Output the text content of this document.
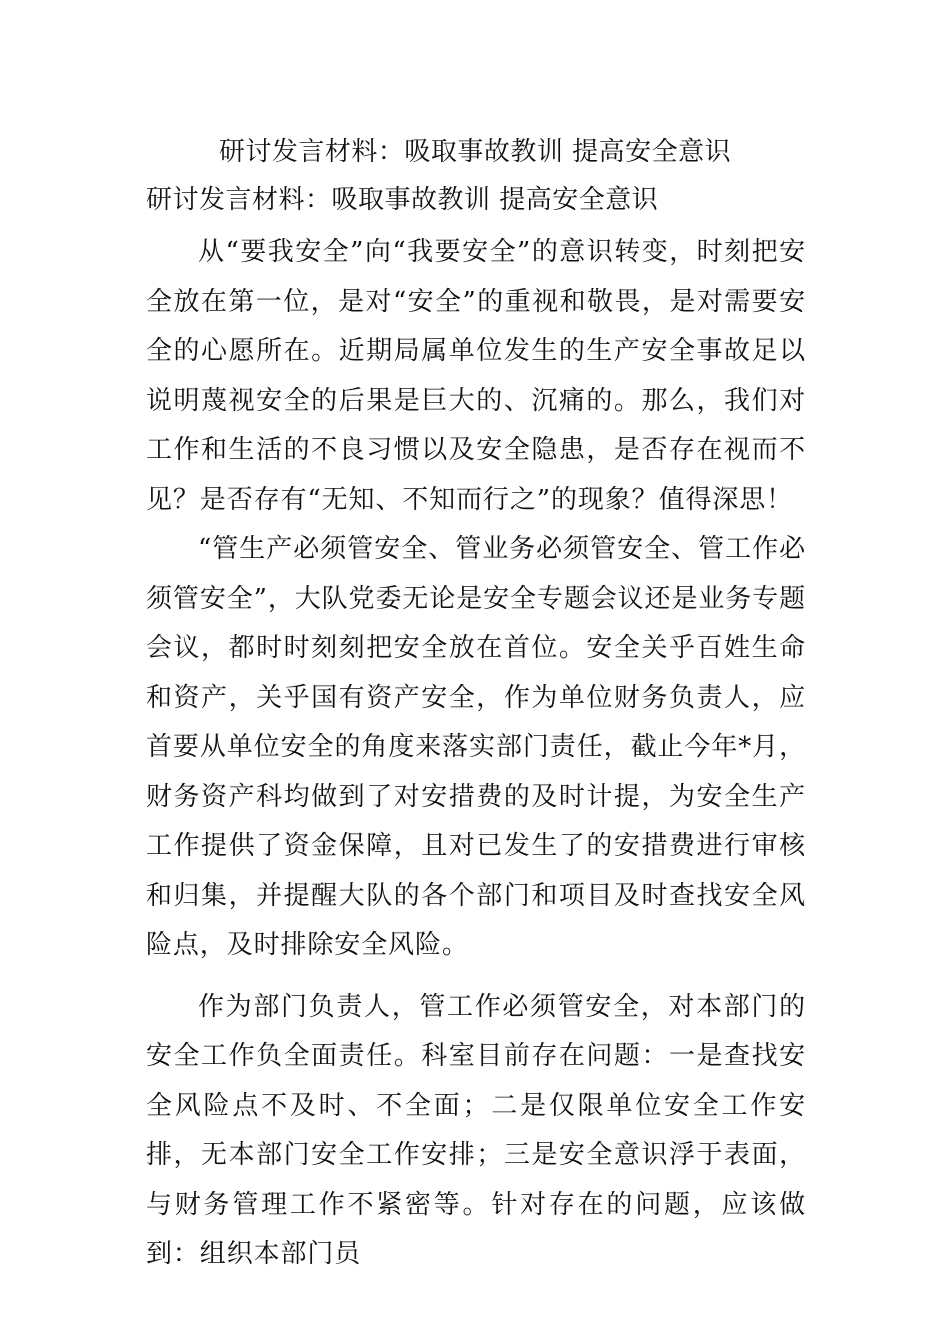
研讨发言材料：吸取事故教训 提高安全意识
研讨发言材料：吸取事故教训 提高安全意识

从“要我安全”向“我要安全”的意识转变，时刻把安全放在第一位，是对“安全”的重视和敬畏，是对需要安全的心愿所在。近期局属单位发生的生产安全事故足以说明蔑视安全的后果是巨大的、沉痛的。那么，我们对工作和生活的不良习惯以及安全隐患，是否存在视而不见？是否存有“无知、不知而行之”的现象？值得深思！

“管生产必须管安全、管业务必须管安全、管工作必须管安全”，大队党委无论是安全专题会议还是业务专题会议，都时时刻刻把安全放在首位。安全关乎百姓生命和资产，关乎国有资产安全，作为单位财务负责人，应首要从单位安全的角度来落实部门责任，截止今年*月，财务资产科均做到了对安措费的及时计提，为安全生产工作提供了资金保障，且对已发生了的安措费进行审核和归集，并提醒大队的各个部门和项目及时查找安全风险点，及时排除安全风险。

作为部门负责人，管工作必须管安全，对本部门的安全工作负全面责任。科室目前存在问题：一是查找安全风险点不及时、不全面；二是仅限单位安全工作安排，无本部门安全工作安排；三是安全意识浮于表面，与财务管理工作不紧密等。针对存在的问题，应该做到：组织本部门员
